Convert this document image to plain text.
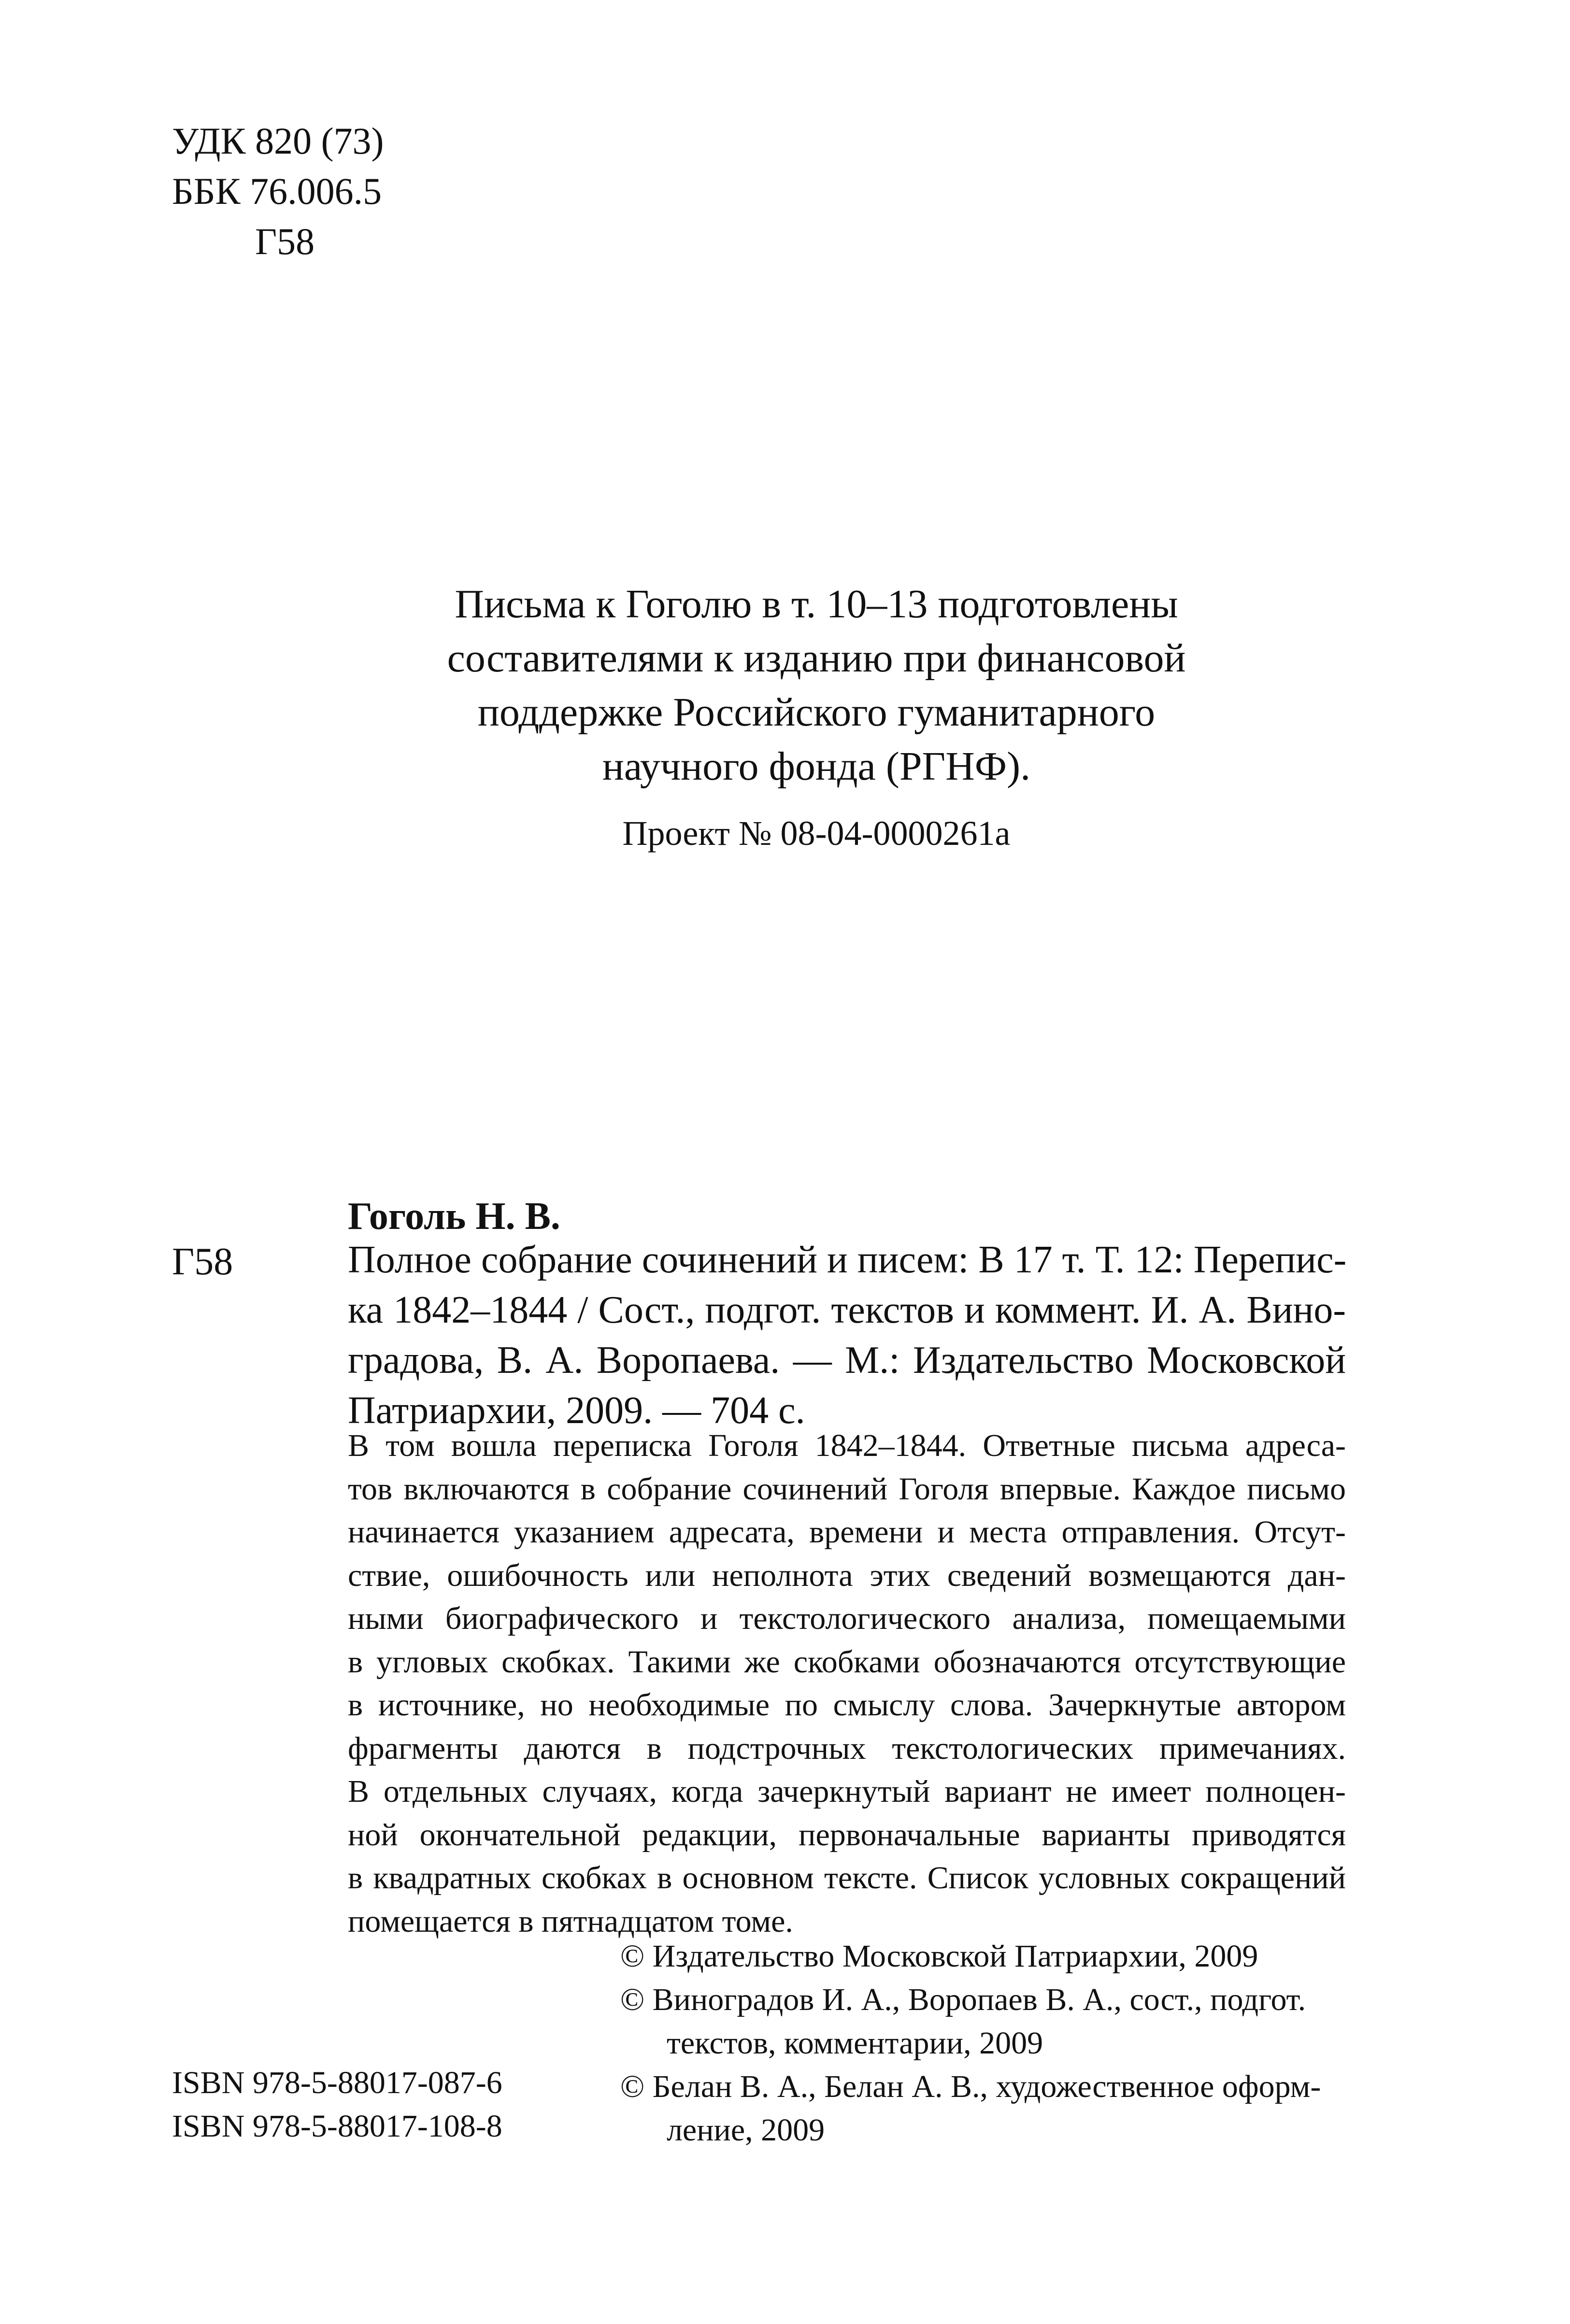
УДК 820 (73)
ББК 76.006.5
Г58
Письма к Гоголю в т. 10–13 подготовлены
составителями к изданию при финансовой
поддержке Российского гуманитарного
научного фонда (РГНФ).
Проект № 08-04-0000261а
Гоголь Н. В.
Г58	Полное собрание сочинений и писем: В 17 т. Т. 12: Перепис-
ка 1842–1844 / Сост., подгот. текстов и коммент. И. А. Вино-
градова, В. А. Воропаева. — М.: Издательство Московской
Патриархии, 2009. — 704 с.
В том вошла переписка Гоголя 1842–1844. Ответные письма адреса-
тов включаются в собрание сочинений Гоголя впервые. Каждое письмо
начинается указанием адресата, времени и места отправления. Отсут-
ствие, ошибочность или неполнота этих сведений возмещаются дан-
ными биографического и текстологического анализа, помещаемыми
в угловых скобках. Такими же скобками обозначаются отсутствующие
в источнике, но необходимые по смыслу слова. Зачеркнутые автором
фрагменты даются в подстрочных текстологических примечаниях.
В отдельных случаях, когда зачеркнутый вариант не имеет полноцен-
ной окончательной редакции, первоначальные варианты приводятся
в квадратных скобках в основном тексте. Список условных сокращений
помещается в пятнадцатом томе.
© Издательство Московской Патриархии, 2009
© Виноградов И. А., Воропаев В. А., сост., подгот.
текстов, комментарии, 2009
© Белан В. А., Белан А. В., художественное оформ-
ление, 2009
ISBN 978-5-88017-087-6
ISBN 978-5-88017-108-8
